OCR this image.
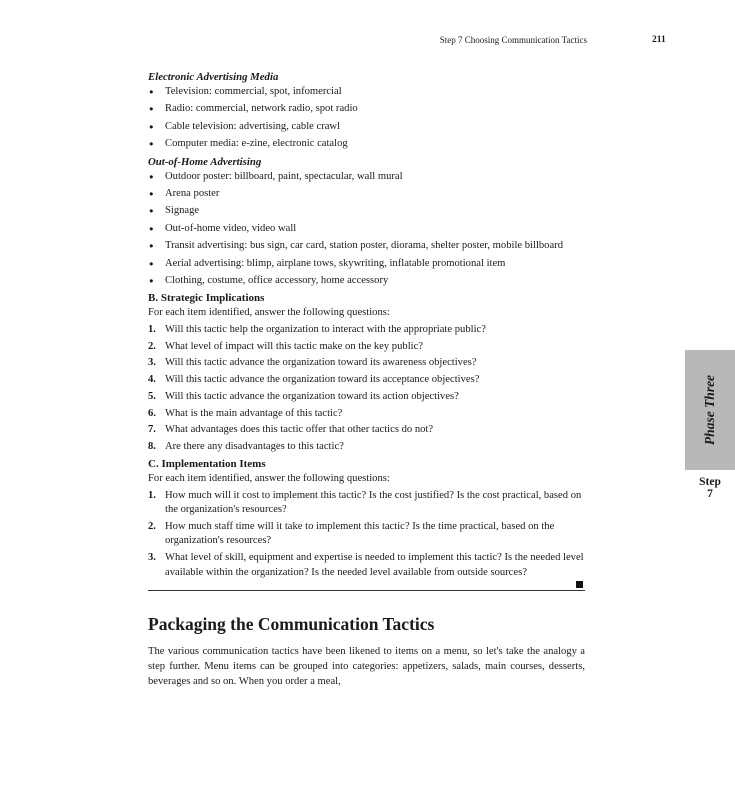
Step 7 Choosing Communication Tactics	211
Electronic Advertising Media
● Television: commercial, spot, infomercial
● Radio: commercial, network radio, spot radio
● Cable television: advertising, cable crawl
● Computer media: e-zine, electronic catalog
Out-of-Home Advertising
● Outdoor poster: billboard, paint, spectacular, wall mural
● Arena poster
● Signage
● Out-of-home video, video wall
● Transit advertising: bus sign, car card, station poster, diorama, shelter poster, mobile billboard
● Aerial advertising: blimp, airplane tows, skywriting, inflatable promotional item
● Clothing, costume, office accessory, home accessory
B. Strategic Implications
For each item identified, answer the following questions:
1. Will this tactic help the organization to interact with the appropriate public?
2. What level of impact will this tactic make on the key public?
3. Will this tactic advance the organization toward its awareness objectives?
4. Will this tactic advance the organization toward its acceptance objectives?
5. Will this tactic advance the organization toward its action objectives?
6. What is the main advantage of this tactic?
7. What advantages does this tactic offer that other tactics do not?
8. Are there any disadvantages to this tactic?
C. Implementation Items
For each item identified, answer the following questions:
1. How much will it cost to implement this tactic? Is the cost justified? Is the cost practical, based on the organization's resources?
2. How much staff time will it take to implement this tactic? Is the time practical, based on the organization's resources?
3. What level of skill, equipment and expertise is needed to implement this tactic? Is the needed level available within the organization? Is the needed level available from outside sources?
Packaging the Communication Tactics
The various communication tactics have been likened to items on a menu, so let's take the analogy a step further. Menu items can be grouped into categories: appetizers, salads, main courses, desserts, beverages and so on. When you order a meal,
Phase Three
Step
7
